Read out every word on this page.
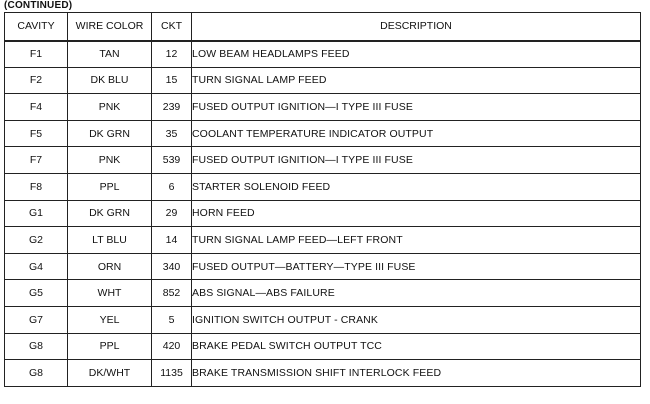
(CONTINUED)
CAVITY	WIRE COLOR	CKT	DESCRIPTION
F1	TAN	12	LOW BEAM HEADLAMPS FEED
F2	DK BLU	15	TURN SIGNAL LAMP FEED
F4	PNK	239	FUSED OUTPUT IGNITION—I TYPE III FUSE
F5	DK GRN	35	COOLANT TEMPERATURE INDICATOR OUTPUT
F7	PNK	539	FUSED OUTPUT IGNITION—I TYPE III FUSE
F8	PPL	6	STARTER SOLENOID FEED
G1	DK GRN	29	HORN FEED
G2	LT BLU	14	TURN SIGNAL LAMP FEED—LEFT FRONT
G4	ORN	340	FUSED OUTPUT—BATTERY—TYPE III FUSE
G5	WHT	852	ABS SIGNAL—ABS FAILURE
G7	YEL	5	IGNITION SWITCH OUTPUT - CRANK
G8	PPL	420	BRAKE PEDAL SWITCH OUTPUT TCC
G8	DK/WHT	1135	BRAKE TRANSMISSION SHIFT INTERLOCK FEED
